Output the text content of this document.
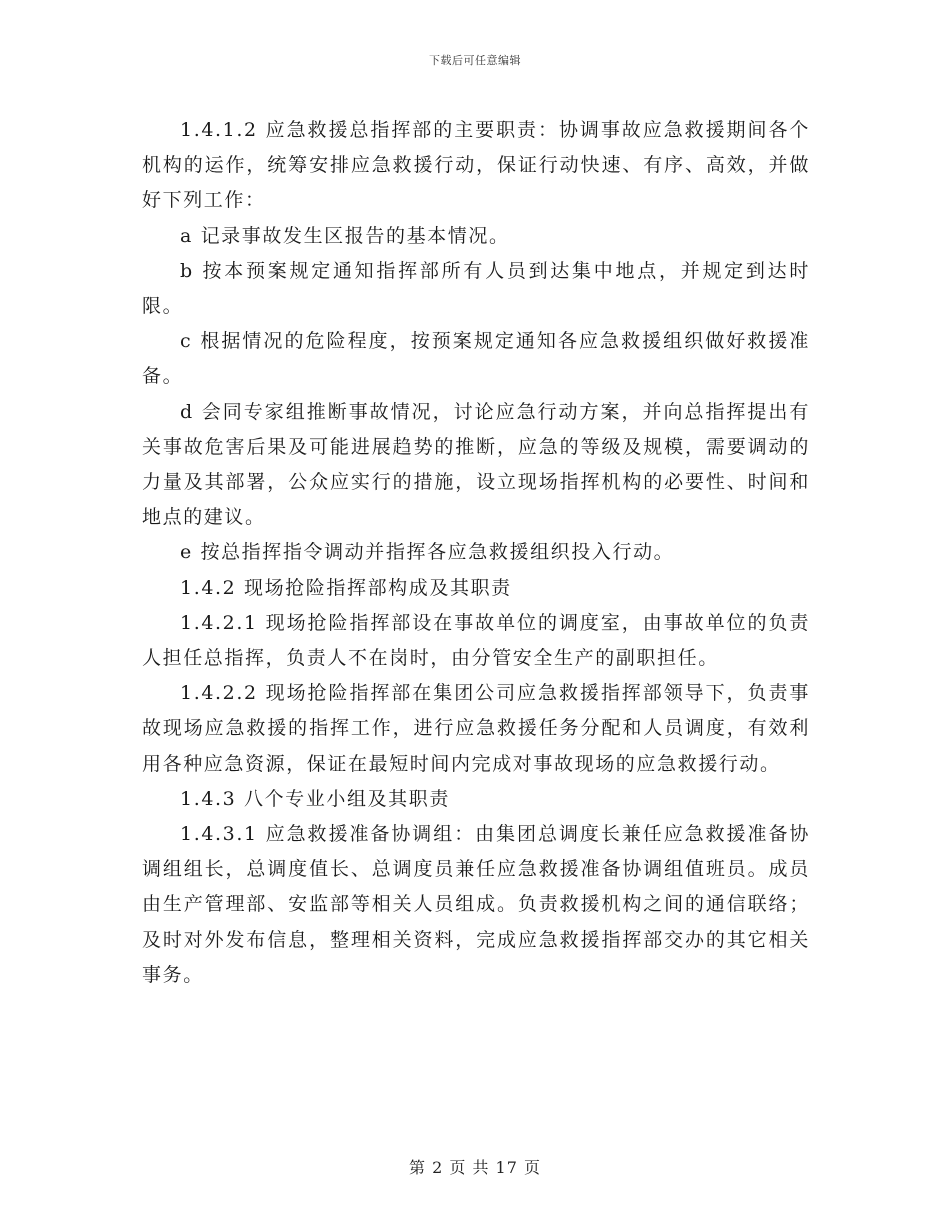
下载后可任意编辑

1.4.1.2 应急救援总指挥部的主要职责：协调事故应急救援期间各个机构的运作，统筹安排应急救援行动，保证行动快速、有序、高效，并做好下列工作：

a 记录事故发生区报告的基本情况。

b 按本预案规定通知指挥部所有人员到达集中地点，并规定到达时限。

c 根据情况的危险程度，按预案规定通知各应急救援组织做好救援准备。

d 会同专家组推断事故情况，讨论应急行动方案，并向总指挥提出有关事故危害后果及可能进展趋势的推断，应急的等级及规模，需要调动的力量及其部署，公众应实行的措施，设立现场指挥机构的必要性、时间和地点的建议。

e 按总指挥指令调动并指挥各应急救援组织投入行动。

1.4.2 现场抢险指挥部构成及其职责

1.4.2.1 现场抢险指挥部设在事故单位的调度室，由事故单位的负责人担任总指挥，负责人不在岗时，由分管安全生产的副职担任。

1.4.2.2 现场抢险指挥部在集团公司应急救援指挥部领导下，负责事故现场应急救援的指挥工作，进行应急救援任务分配和人员调度，有效利用各种应急资源，保证在最短时间内完成对事故现场的应急救援行动。

1.4.3 八个专业小组及其职责

1.4.3.1 应急救援准备协调组：由集团总调度长兼任应急救援准备协调组组长，总调度值长、总调度员兼任应急救援准备协调组值班员。成员由生产管理部、安监部等相关人员组成。负责救援机构之间的通信联络；及时对外发布信息，整理相关资料，完成应急救援指挥部交办的其它相关事务。

第 2 页 共 17 页
